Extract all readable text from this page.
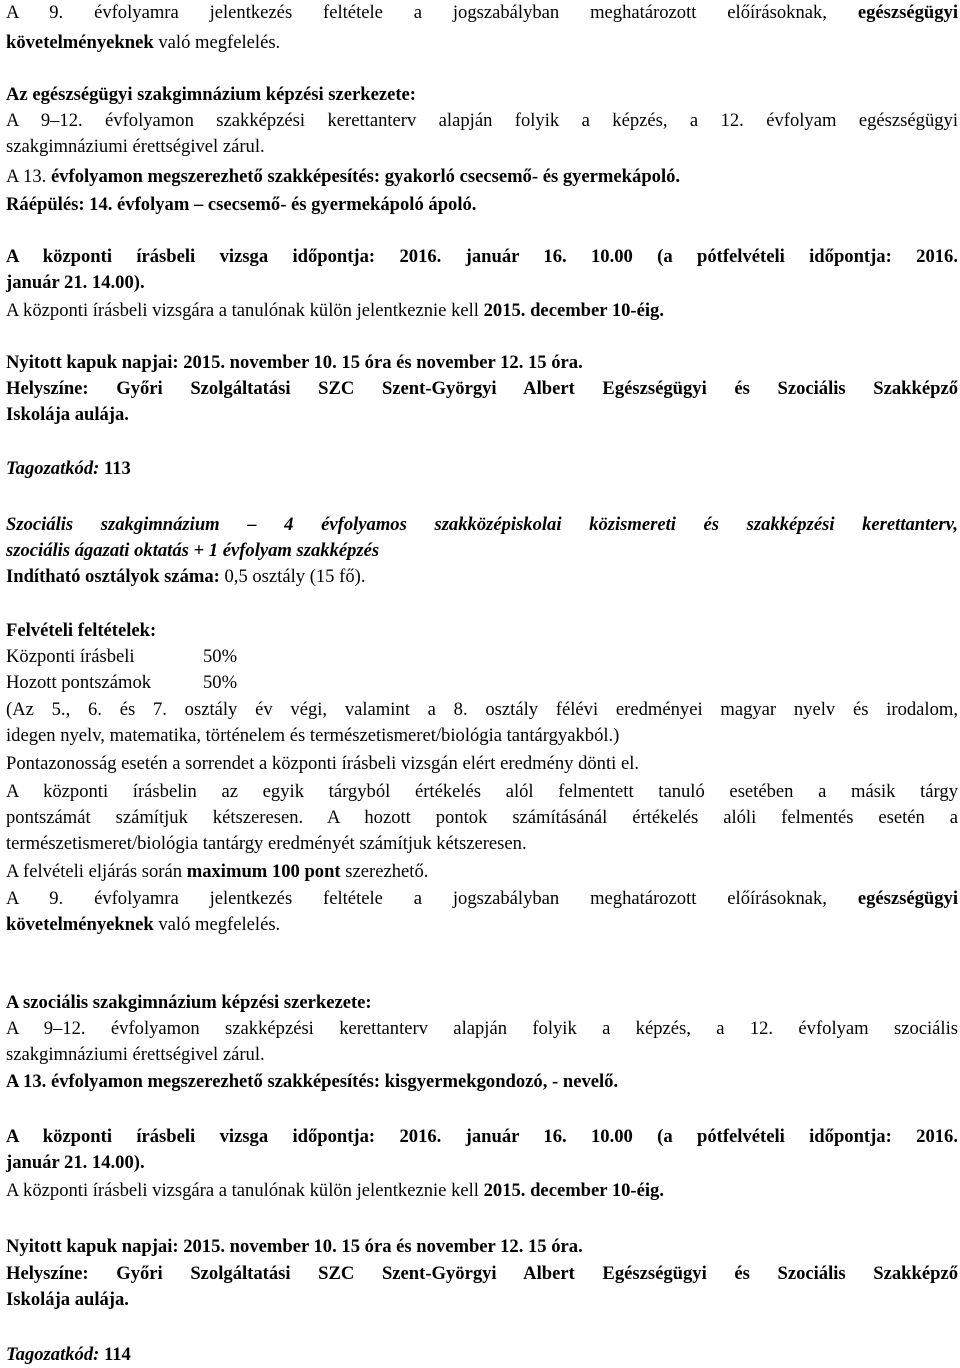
A 9. évfolyamra jelentkezés feltétele a jogszabályban meghatározott előírásoknak, egészségügyi

követelményeknek való megfelelés.

Az egészségügyi szakgimnázium képzési szerkezete:

A 9–12. évfolyamon szakképzési kerettanterv alapján folyik a képzés, a 12. évfolyam egészségügyi

szakgimnáziumi érettségivel zárul.

A 13. évfolyamon megszerezhető szakképesítés: gyakorló csecsemő- és gyermekápoló.

Ráépülés: 14. évfolyam – csecsemő- és gyermekápoló ápoló.

A központi írásbeli vizsga időpontja: 2016. január 16. 10.00 (a pótfelvételi időpontja: 2016.

január 21. 14.00).

A központi írásbeli vizsgára a tanulónak külön jelentkeznie kell 2015. december 10-éig.

Nyitott kapuk napjai: 2015. november 10. 15 óra és november 12. 15 óra.

Helyszíne: Győri Szolgáltatási SZC Szent-Györgyi Albert Egészségügyi és Szociális Szakképző

Iskolája aulája.

Tagozatkód: 113

Szociális szakgimnázium – 4 évfolyamos szakközépiskolai közismereti és szakképzési kerettanterv,

szociális ágazati oktatás + 1 évfolyam szakképzés

Indítható osztályok száma: 0,5 osztály (15 fő).

Felvételi feltételek:

Központi írásbeli	50%

Hozott pontszámok	50%

(Az 5., 6. és 7. osztály év végi, valamint a 8. osztály félévi eredményei magyar nyelv és irodalom,

idegen nyelv, matematika, történelem és természetismeret/biológia tantárgyakból.)

Pontazonosság esetén a sorrendet a központi írásbeli vizsgán elért eredmény dönti el.

A központi írásbelin az egyik tárgyból értékelés alól felmentett tanuló esetében a másik tárgy

pontszámát számítjuk kétszeresen. A hozott pontok számításánál értékelés alóli felmentés esetén a

természetismeret/biológia tantárgy eredményét számítjuk kétszeresen.

A felvételi eljárás során maximum 100 pont szerezhető.

A 9. évfolyamra jelentkezés feltétele a jogszabályban meghatározott előírásoknak, egészségügyi

követelményeknek való megfelelés.

A szociális szakgimnázium képzési szerkezete:

A 9–12. évfolyamon szakképzési kerettanterv alapján folyik a képzés, a 12. évfolyam szociális

szakgimnáziumi érettségivel zárul.

A 13. évfolyamon megszerezhető szakképesítés: kisgyermekgondozó, - nevelő.

A központi írásbeli vizsga időpontja: 2016. január 16. 10.00 (a pótfelvételi időpontja: 2016.

január 21. 14.00).

A központi írásbeli vizsgára a tanulónak külön jelentkeznie kell 2015. december 10-éig.

Nyitott kapuk napjai: 2015. november 10. 15 óra és november 12. 15 óra.

Helyszíne: Győri Szolgáltatási SZC Szent-Györgyi Albert Egészségügyi és Szociális Szakképző

Iskolája aulája.

Tagozatkód: 114
